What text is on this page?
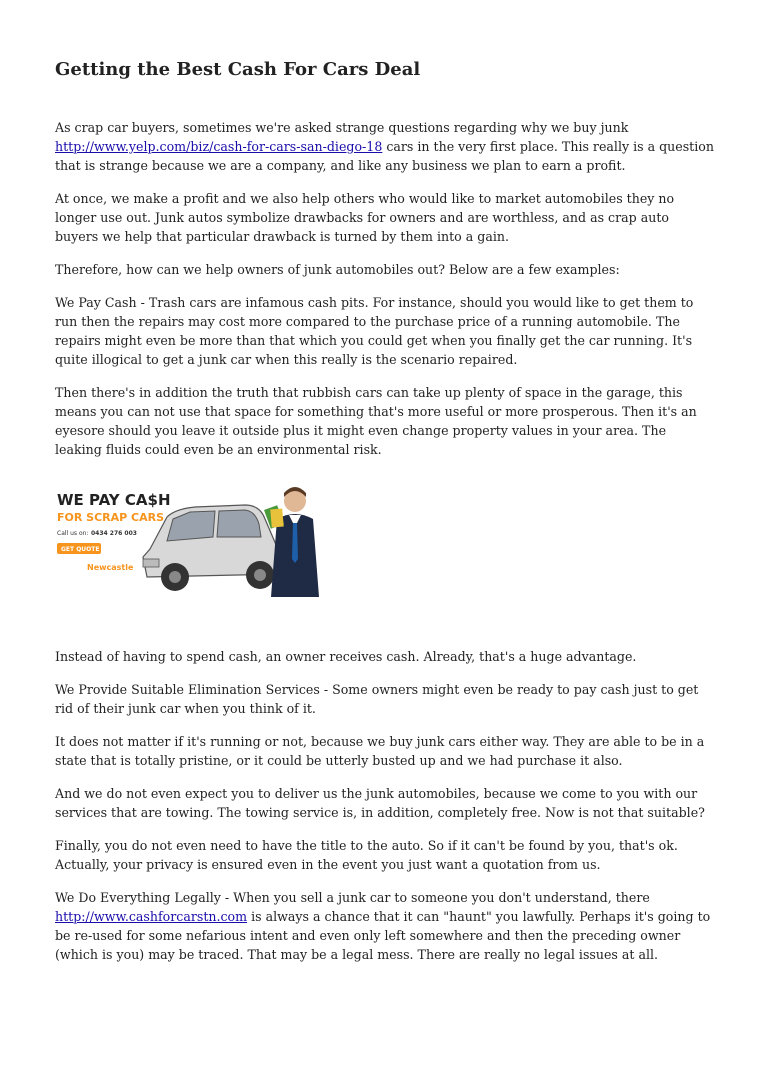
Getting the Best Cash For Cars Deal

As crap car buyers, sometimes we're asked strange questions regarding why we buy junk http://www.yelp.com/biz/cash-for-cars-san-diego-18 cars in the very first place. This really is a question that is strange because we are a company, and like any business we plan to earn a profit.

At once, we make a profit and we also help others who would like to market automobiles they no longer use out. Junk autos symbolize drawbacks for owners and are worthless, and as crap auto buyers we help that particular drawback is turned by them into a gain.

Therefore, how can we help owners of junk automobiles out? Below are a few examples:

We Pay Cash - Trash cars are infamous cash pits. For instance, should you would like to get them to run then the repairs may cost more compared to the purchase price of a running automobile. The repairs might even be more than that which you could get when you finally get the car running. It's quite illogical to get a junk car when this really is the scenario repaired.

Then there's in addition the truth that rubbish cars can take up plenty of space in the garage, this means you can not use that space for something that's more useful or more prosperous. Then it's an eyesore should you leave it outside plus it might even change property values in your area. The leaking fluids could even be an environmental risk.

WE PAY CA$H
FOR SCRAP CARS
Call us on: 0434 276 003
GET QUOTE >
Newcastle

Instead of having to spend cash, an owner receives cash. Already, that's a huge advantage.

We Provide Suitable Elimination Services - Some owners might even be ready to pay cash just to get rid of their junk car when you think of it.

It does not matter if it's running or not, because we buy junk cars either way. They are able to be in a state that is totally pristine, or it could be utterly busted up and we had purchase it also.

And we do not even expect you to deliver us the junk automobiles, because we come to you with our services that are towing. The towing service is, in addition, completely free. Now is not that suitable?

Finally, you do not even need to have the title to the auto. So if it can't be found by you, that's ok. Actually, your privacy is ensured even in the event you just want a quotation from us.

We Do Everything Legally - When you sell a junk car to someone you don't understand, there http://www.cashforcarstn.com is always a chance that it can "haunt" you lawfully. Perhaps it's going to be re-used for some nefarious intent and even only left somewhere and then the preceding owner (which is you) may be traced. That may be a legal mess. There are really no legal issues at all.
